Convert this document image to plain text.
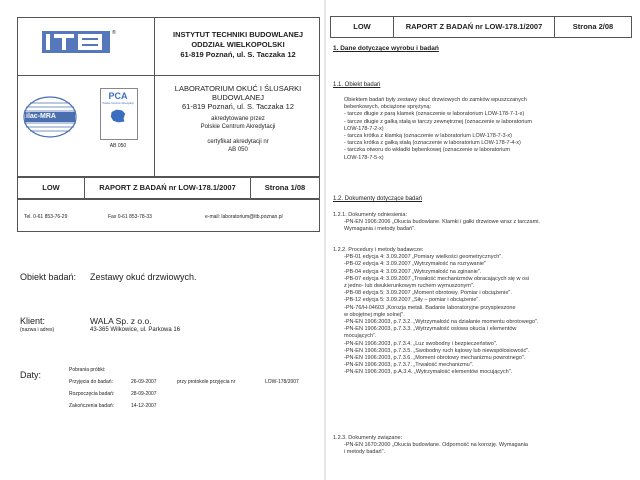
®	INSTYTUT TECHNIKI BUDOWLANEJ
ODDZIAŁ WIELKOPOLSKI
61-819 Poznań, ul. S. Taczaka 12
ilac-MRA
PCA
Polskie Centrum Akredytacji
AB 050
LABORATORIUM OKUĆ I ŚLUSARKI
BUDOWLANEJ
61-819 Poznań, ul. S. Taczaka 12
akredytowane przez
Polskie Centrum Akredytacji
certyfikat akredytacji nr
AB 050
LOW	RAPORT Z BADAŃ nr LOW-178.1/2007	Strona 1/08
Tel. 0-61 853-76-29	Fax 0-61 853-78-33	e-mail: laboratorium@itb.poznan.pl
Obiekt badań: Zestawy okuć drzwiowych.
Klient:
(nazwa i adres)
WALA Sp. z o.o.
43-365 Wilkowice, ul. Parkowa 16
Daty:	Pobrania próbki:
Przyjęcia do badań:	26-09-2007	przy protokole przyjęcia nr	LOW-178/2007
Rozpoczęcia badań:	28-09-2007
Zakończenia badań:	14-12-2007
LOW	RAPORT Z BADAŃ nr LOW-178.1/2007	Strona 2/08
1. Dane dotyczące wyrobu i badań
1.1. Obiekt badań
Obiektem badań były zestawy okuć drzwiowych do zamków wpuszczanych
bebenkowych, obciążone sprężyną:
- tarcze długie z parą klamek (oznaczenie w laboratorium LOW-178-7-1-x)
- tarcze długie z gałką stałą w tarczy zewnętrznej (oznaczenie w laboratorium
LOW-178-7-2-x)
- tarcza krótka z klamką (oznaczenie w laboratorium LOW-178-7-3-x)
- tarcza krótka z gałką stałą (oznaczenie w laboratorium LOW-178-7-4-x)
- tarczka otworu do wkładki bębenkowej (oznaczenie w laboratorium
LOW-178-7-5-x)
1.2. Dokumenty dotyczące badań
1.2.1. Dokumenty odniesienia:
-PN-EN 1906:2006 „Okucia budowlane. Klamki i gałki drzwiowe wraz z tarczami.
Wymagania i metody badań".
1.2.2. Procedury i metody badawcze:
-PB-01 edycja 4: 3.09.2007 „Pomiary wielkości geometrycznych".
-PB-02 edycja 4: 3.09.2007 „Wytrzymałość na rozrywanie"
-PB-04 edycja 4: 3.09.2007 „Wytrzymałość na zginanie".
-PB-07 edycja 4: 3.09.2007 „Trwałość mechanizmów obracających się w osi
z jedno- lub dwukierunkowym ruchem wymuszonym".
-PB-08 edycja 5: 3.09.2007 „Moment obrotowy. Pomiar i obciążenie".
-PB-12 edycja 5: 3.09.2007 „Siły – pomiar i obciążenie".
-PN-76/H-04603 „Korozja metali. Badanie laboratoryjne przyspieszone
w obojętnej mgle solnej".
-PN-EN 1906:2003, p.7.3.2. „Wytrzymałość na działanie momentu obrotowego".
-PN-EN 1906:2003, p.7.3.3. „Wytrzymałość osiowa okucia i elementów
mocujących".
-PN-EN 1906:2003, p.7.3.4. „Luz swobodny i bezpieczeństwo".
-PN-EN 1906:2003, p.7.3.5. „Swobodny ruch kątowy lub niewspółosiowość".
-PN-EN 1906:2003, p.7.3.6. „Moment obrotowy mechanizmu powrotnego".
-PN-EN 1906:2003, p.7.3.7. „Trwałość mechanizmu".
-PN-EN 1906:2003, p.A.3.4. „Wytrzymałość elementów mocujących".
1.2.3. Dokumenty związane:
-PN-EN 1670:2000 „Okucia budowlane. Odporność na korozję. Wymagania
i metody badań".
